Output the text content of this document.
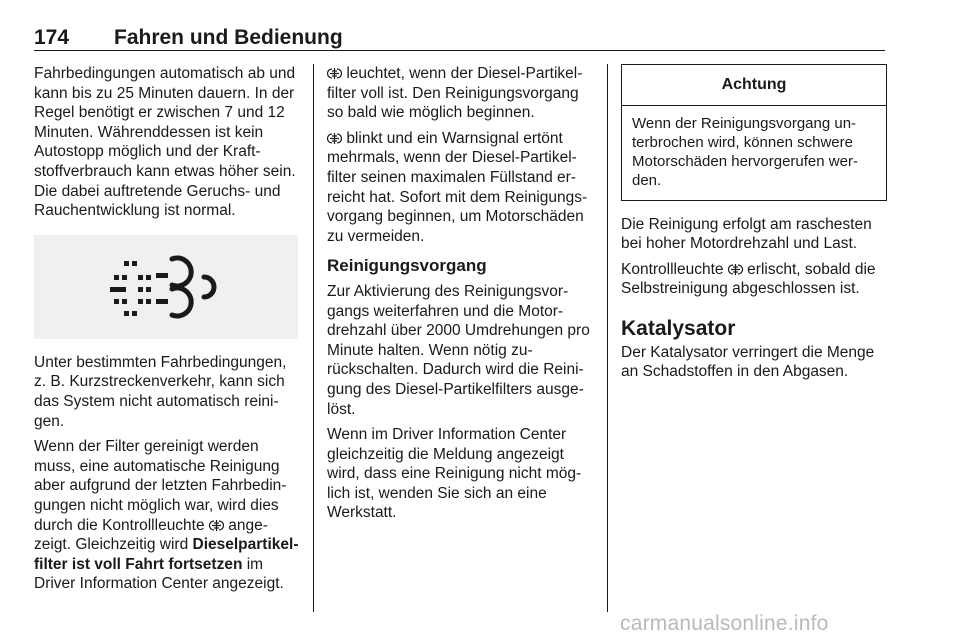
174 Fahren und Bedienung

Fahrbedingungen automatisch ab und kann bis zu 25 Minuten dauern. In der Regel benötigt er zwischen 7 und 12 Minuten. Währenddessen ist kein Autostopp möglich und der Kraft-stoffverbrauch kann etwas höher sein. Die dabei auftretende Geruchs- und Rauchentwicklung ist normal.

Unter bestimmten Fahrbedingungen, z. B. Kurzstreckenverkehr, kann sich das System nicht automatisch reini-gen.

Wenn der Filter gereinigt werden muss, eine automatische Reinigung aber aufgrund der letzten Fahrbedin-gungen nicht möglich war, wird dies durch die Kontrollleuchte ange-zeigt. Gleichzeitig wird Dieselpartikel-filter ist voll Fahrt fortsetzen im Driver Information Center angezeigt.

leuchtet, wenn der Diesel-Partikel-filter voll ist. Den Reinigungsvorgang so bald wie möglich beginnen.

blinkt und ein Warnsignal ertönt mehrmals, wenn der Diesel-Partikel-filter seinen maximalen Füllstand er-reicht hat. Sofort mit dem Reinigungs-vorgang beginnen, um Motorschäden zu vermeiden.

Reinigungsvorgang

Zur Aktivierung des Reinigungsvor-gangs weiterfahren und die Motor-drehzahl über 2000 Umdrehungen pro Minute halten. Wenn nötig zu-rückschalten. Dadurch wird die Reini-gung des Diesel-Partikelfilters ausge-löst.

Wenn im Driver Information Center gleichzeitig die Meldung angezeigt wird, dass eine Reinigung nicht mög-lich ist, wenden Sie sich an eine Werkstatt.

Achtung
Wenn der Reinigungsvorgang un-terbrochen wird, können schwere Motorschäden hervorgerufen wer-den.

Die Reinigung erfolgt am raschesten bei hoher Motordrehzahl und Last.

Kontrollleuchte erlischt, sobald die Selbstreinigung abgeschlossen ist.

Katalysator

Der Katalysator verringert die Menge an Schadstoffen in den Abgasen.

carmanualsonline.info
